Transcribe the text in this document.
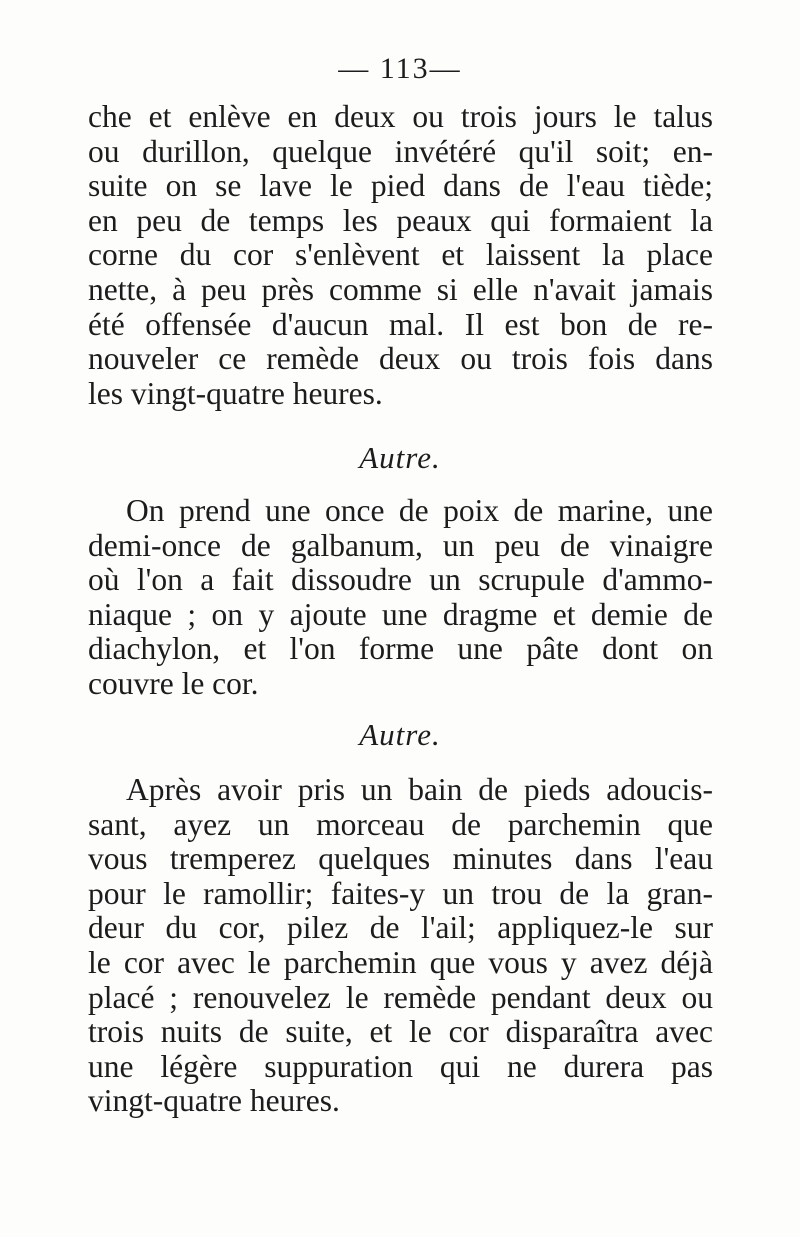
— 113—
che et enlève en deux ou trois jours le talus
ou durillon, quelque invétéré qu'il soit; en-
suite on se lave le pied dans de l'eau tiède;
en peu de temps les peaux qui formaient la
corne du cor s'enlèvent et laissent la place
nette, à peu près comme si elle n'avait jamais
été offensée d'aucun mal. Il est bon de re-
nouveler ce remède deux ou trois fois dans
les vingt-quatre heures.
Autre.
On prend une once de poix de marine, une
demi-once de galbanum, un peu de vinaigre
où l'on a fait dissoudre un scrupule d'ammo-
niaque ; on y ajoute une dragme et demie de
diachylon, et l'on forme une pâte dont on
couvre le cor.
Autre.
Après avoir pris un bain de pieds adoucis-
sant, ayez un morceau de parchemin que
vous tremperez quelques minutes dans l'eau
pour le ramollir; faites-y un trou de la gran-
deur du cor, pilez de l'ail; appliquez-le sur
le cor avec le parchemin que vous y avez déjà
placé ; renouvelez le remède pendant deux ou
trois nuits de suite, et le cor disparaîtra avec
une légère suppuration qui ne durera pas
vingt-quatre heures.
